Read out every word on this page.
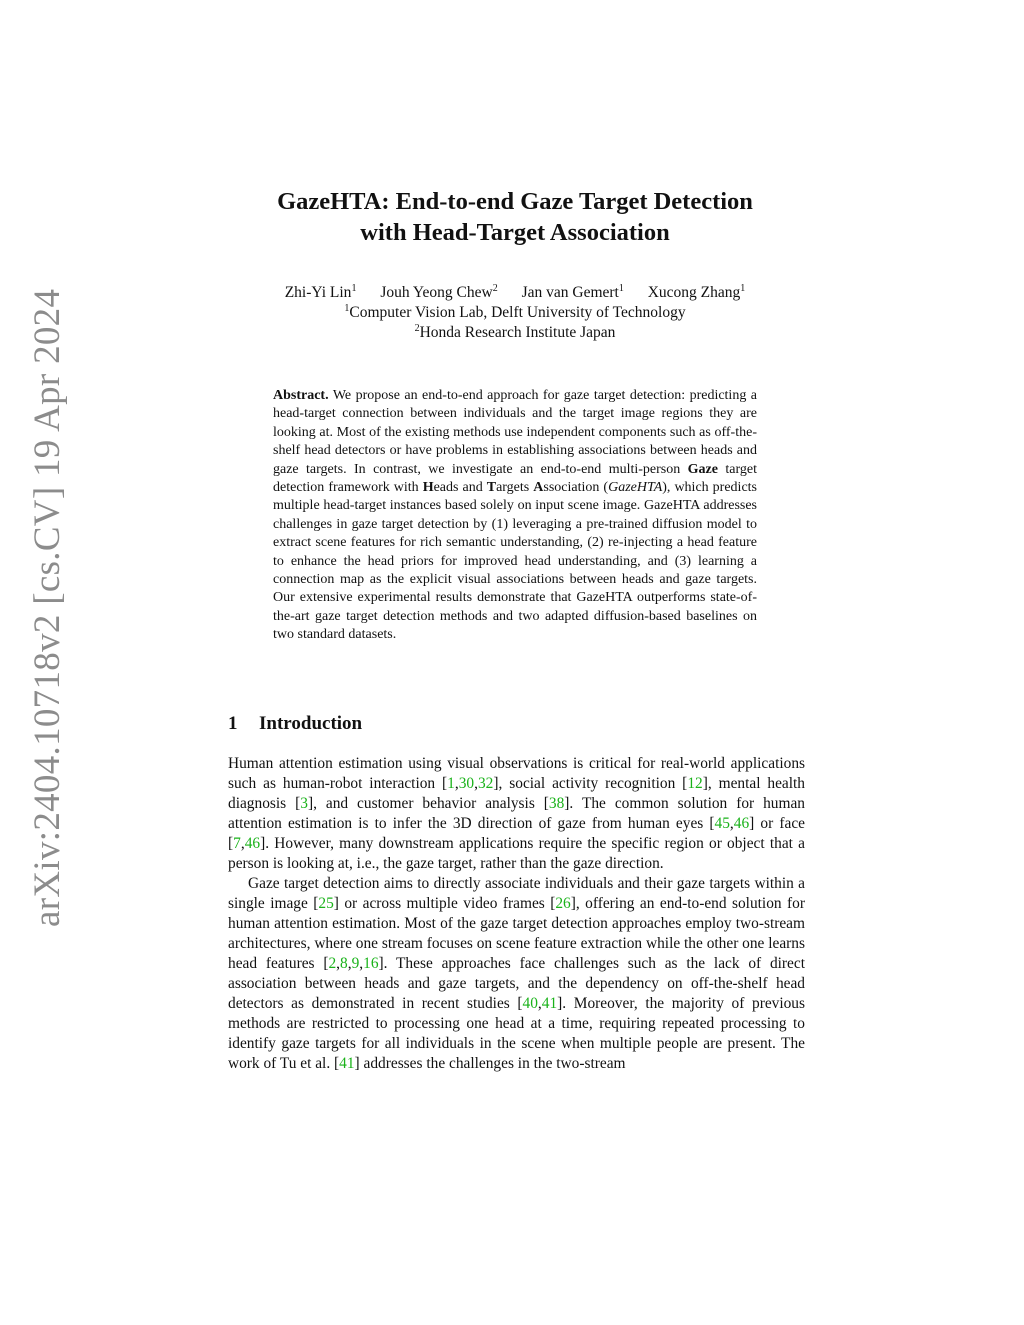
arXiv:2404.10718v2 [cs.CV] 19 Apr 2024
GazeHTA: End-to-end Gaze Target Detection
with Head-Target Association
Zhi-Yi Lin$^1$ Jouh Yeong Chew$^2$ Jan van Gemert$^1$ Xucong Zhang$^1$
$^1$Computer Vision Lab, Delft University of Technology
$^2$Honda Research Institute Japan

Abstract. We propose an end-to-end approach for gaze target detection: predicting a head-target connection between individuals and the target image regions they are looking at. Most of the existing methods use independent components such as off-the-shelf head detectors or have problems in establishing associations between heads and gaze targets. In contrast, we investigate an end-to-end multi-person Gaze target detection framework with Heads and Targets Association (GazeHTA), which predicts multiple head-target instances based solely on input scene image. GazeHTA addresses challenges in gaze target detection by (1) leveraging a pre-trained diffusion model to extract scene features for rich semantic understanding, (2) re-injecting a head feature to enhance the head priors for improved head understanding, and (3) learning a connection map as the explicit visual associations between heads and gaze targets. Our extensive experimental results demonstrate that GazeHTA outperforms state-of-the-art gaze target detection methods and two adapted diffusion-based baselines on two standard datasets.

1 Introduction

Human attention estimation using visual observations is critical for real-world applications such as human-robot interaction [1,30,32], social activity recognition [12], mental health diagnosis [3], and customer behavior analysis [38]. The common solution for human attention estimation is to infer the 3D direction of gaze from human eyes [45,46] or face [7,46]. However, many downstream applications require the specific region or object that a person is looking at, i.e., the gaze target, rather than the gaze direction.

Gaze target detection aims to directly associate individuals and their gaze targets within a single image [25] or across multiple video frames [26], offering an end-to-end solution for human attention estimation. Most of the gaze target detection approaches employ two-stream architectures, where one stream focuses on scene feature extraction while the other one learns head features [2,8,9,16]. These approaches face challenges such as the lack of direct association between heads and gaze targets, and the dependency on off-the-shelf head detectors as demonstrated in recent studies [40,41]. Moreover, the majority of previous methods are restricted to processing one head at a time, requiring repeated processing to identify gaze targets for all individuals in the scene when multiple people are present. The work of Tu et al. [41] addresses the challenges in the two-stream
